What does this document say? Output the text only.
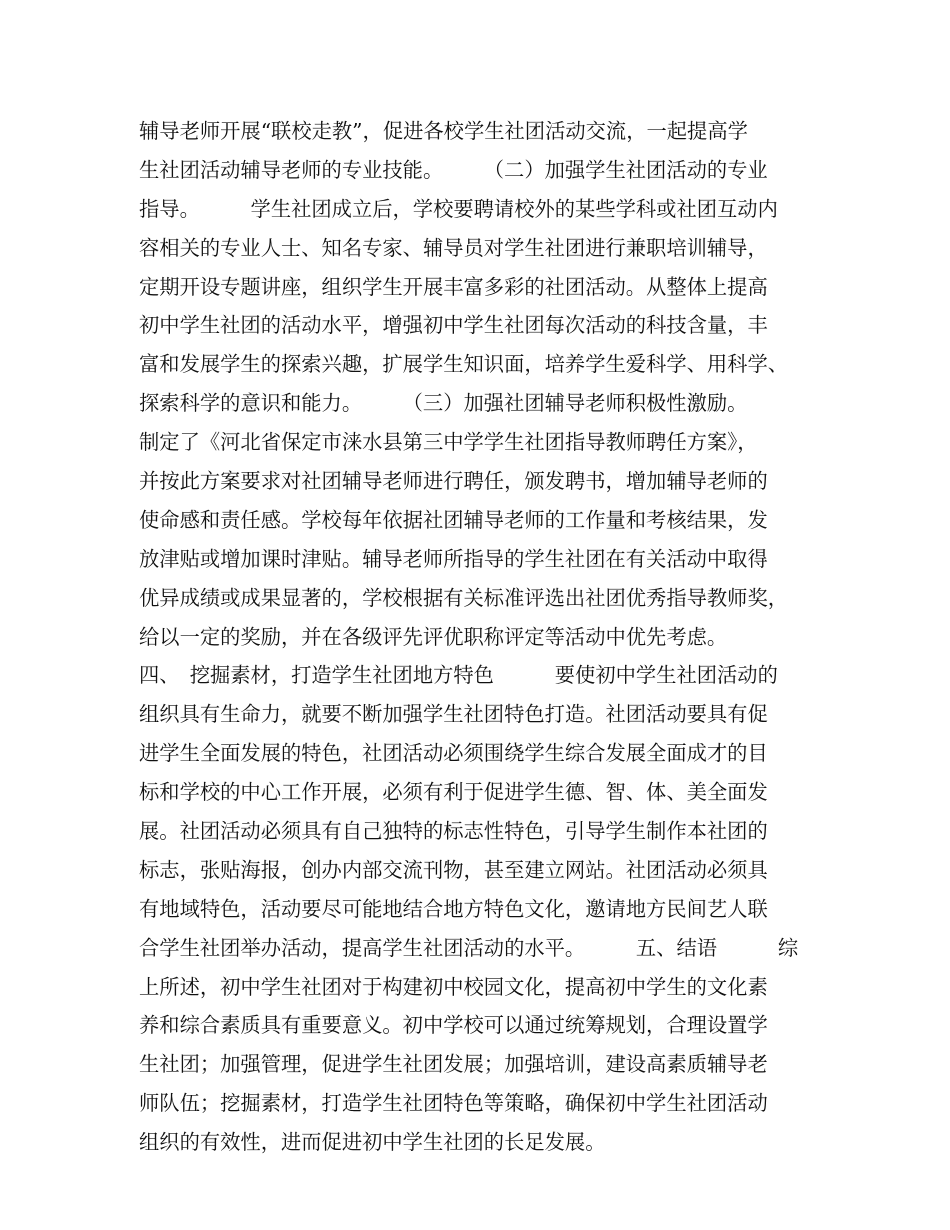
辅导老师开展“联校走教”，促进各校学生社团活动交流，一起提高学
生社团活动辅导老师的专业技能。　　　（二）加强学生社团活动的专业
指导。　　　学生社团成立后，学校要聘请校外的某些学科或社团互动内
容相关的专业人士、知名专家、辅导员对学生社团进行兼职培训辅导，
定期开设专题讲座，组织学生开展丰富多彩的社团活动。从整体上提高
初中学生社团的活动水平，增强初中学生社团每次活动的科技含量，丰
富和发展学生的探索兴趣，扩展学生知识面，培养学生爱科学、用科学、
探索科学的意识和能力。　　　（三）加强社团辅导老师积极性激励。
制定了《河北省保定市涞水县第三中学学生社团指导教师聘任方案》，
并按此方案要求对社团辅导老师进行聘任，颁发聘书，增加辅导老师的
使命感和责任感。学校每年依据社团辅导老师的工作量和考核结果，发
放津贴或增加课时津贴。辅导老师所指导的学生社团在有关活动中取得
优异成绩或成果显著的，学校根据有关标准评选出社团优秀指导教师奖，
给以一定的奖励，并在各级评先评优职称评定等活动中优先考虑。
四、　挖掘素材，打造学生社团地方特色　　　要使初中学生社团活动的
组织具有生命力，就要不断加强学生社团特色打造。社团活动要具有促
进学生全面发展的特色，社团活动必须围绕学生综合发展全面成才的目
标和学校的中心工作开展，必须有利于促进学生德、智、体、美全面发
展。社团活动必须具有自己独特的标志性特色，引导学生制作本社团的
标志，张贴海报，创办内部交流刊物，甚至建立网站。社团活动必须具
有地域特色，活动要尽可能地结合地方特色文化，邀请地方民间艺人联
合学生社团举办活动，提高学生社团活动的水平。　　　五、结语　　　综
上所述，初中学生社团对于构建初中校园文化，提高初中学生的文化素
养和综合素质具有重要意义。初中学校可以通过统筹规划，合理设置学
生社团；加强管理，促进学生社团发展；加强培训，建设高素质辅导老
师队伍；挖掘素材，打造学生社团特色等策略，确保初中学生社团活动
组织的有效性，进而促进初中学生社团的长足发展。
